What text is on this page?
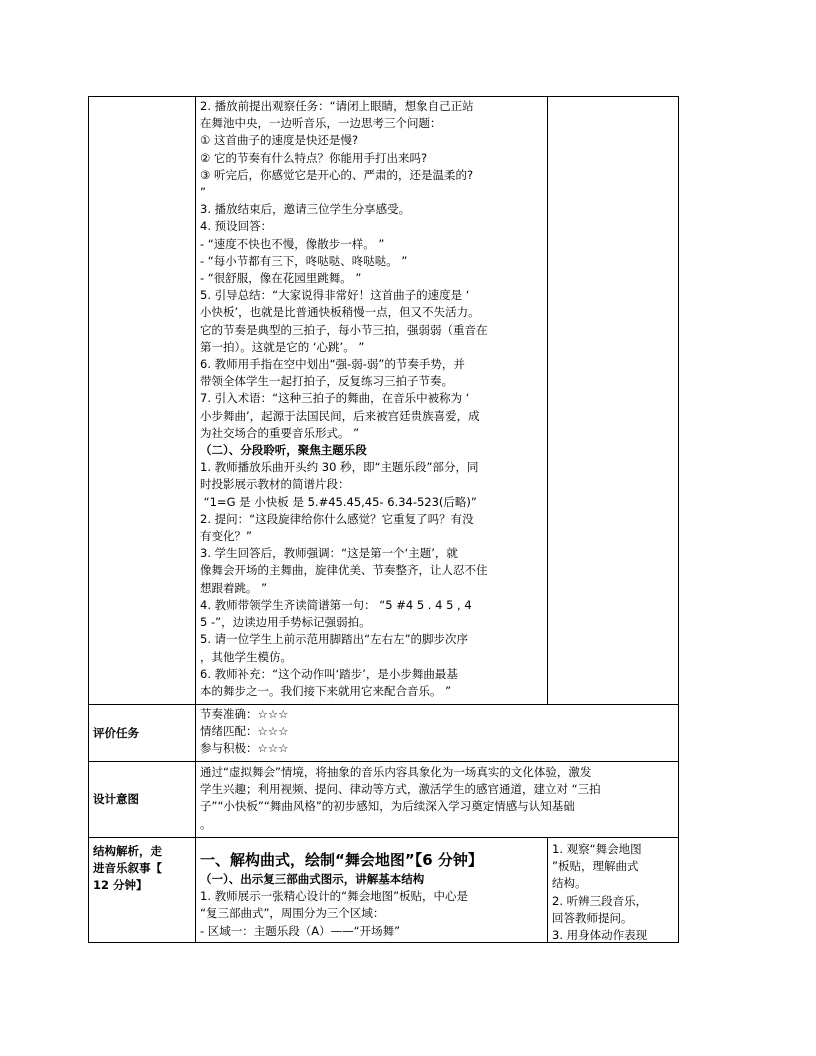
2. 播放前提出观察任务：“请闭上眼睛，想象自己正站
在舞池中央，一边听音乐，一边思考三个问题：
① 这首曲子的速度是快还是慢?
② 它的节奏有什么特点？你能用手打出来吗?
③ 听完后，你感觉它是开心的、严肃的，还是温柔的?
”
3. 播放结束后，邀请三位学生分享感受。
4. 预设回答：
- “速度不快也不慢，像散步一样。 ”
- “每小节都有三下，咚哒哒、咚哒哒。 ”
- “很舒服，像在花园里跳舞。 ”
5. 引导总结：“大家说得非常好！这首曲子的速度是 ‘
小快板’，也就是比普通快板稍慢一点，但又不失活力。
它的节奏是典型的三拍子，每小节三拍，强弱弱（重音在
第一拍）。这就是它的 ‘心跳’。 ”
6. 教师用手指在空中划出“强-弱-弱”的节奏手势，并
带领全体学生一起打拍子，反复练习三拍子节奏。
7. 引入术语：“这种三拍子的舞曲，在音乐中被称为 ‘
小步舞曲’，起源于法国民间，后来被宫廷贵族喜爱，成
为社交场合的重要音乐形式。 ”
（二）、分段聆听，聚焦主题乐段
1. 教师播放乐曲开头约 30 秒，即“主题乐段”部分，同
时投影展示教材的简谱片段：
“1=G 是 小快板 是 5.#45.45,45- 6.34-523(后略)”
2. 提问：“这段旋律给你什么感觉？它重复了吗？有没
有变化？”
3. 学生回答后，教师强调：“这是第一个‘主题’，就
像舞会开场的主舞曲，旋律优美、节奏整齐，让人忍不住
想跟着跳。 ”
4. 教师带领学生齐读简谱第一句： “5 #4 5 . 4 5 , 4
5 -”，边读边用手势标记强弱拍。
5. 请一位学生上前示范用脚踏出“左右左”的脚步次序
，其他学生模仿。
6. 教师补充：“这个动作叫‘踏步’，是小步舞曲最基
本的舞步之一。我们接下来就用它来配合音乐。 ”
评价任务
节奏准确：☆☆☆
情绪匹配：☆☆☆
参与积极：☆☆☆
设计意图
通过“虚拟舞会”情境，将抽象的音乐内容具象化为一场真实的文化体验，激发
学生兴趣；利用视频、提问、律动等方式，激活学生的感官通道，建立对 “三拍
子”“小快板”“舞曲风格”的初步感知，为后续深入学习奠定情感与认知基础
。
结构解析，走
进音乐叙事【
12 分钟】
一、解构曲式，绘制“舞会地图”【6 分钟】
（一）、出示复三部曲式图示，讲解基本结构
1. 教师展示一张精心设计的“舞会地图”板贴，中心是
“复三部曲式”，周围分为三个区域：
- 区域一：主题乐段（A）——“开场舞”
1. 观察“舞会地图
”板贴，理解曲式
结构。
2. 听辨三段音乐，
回答教师提问。
3. 用身体动作表现
